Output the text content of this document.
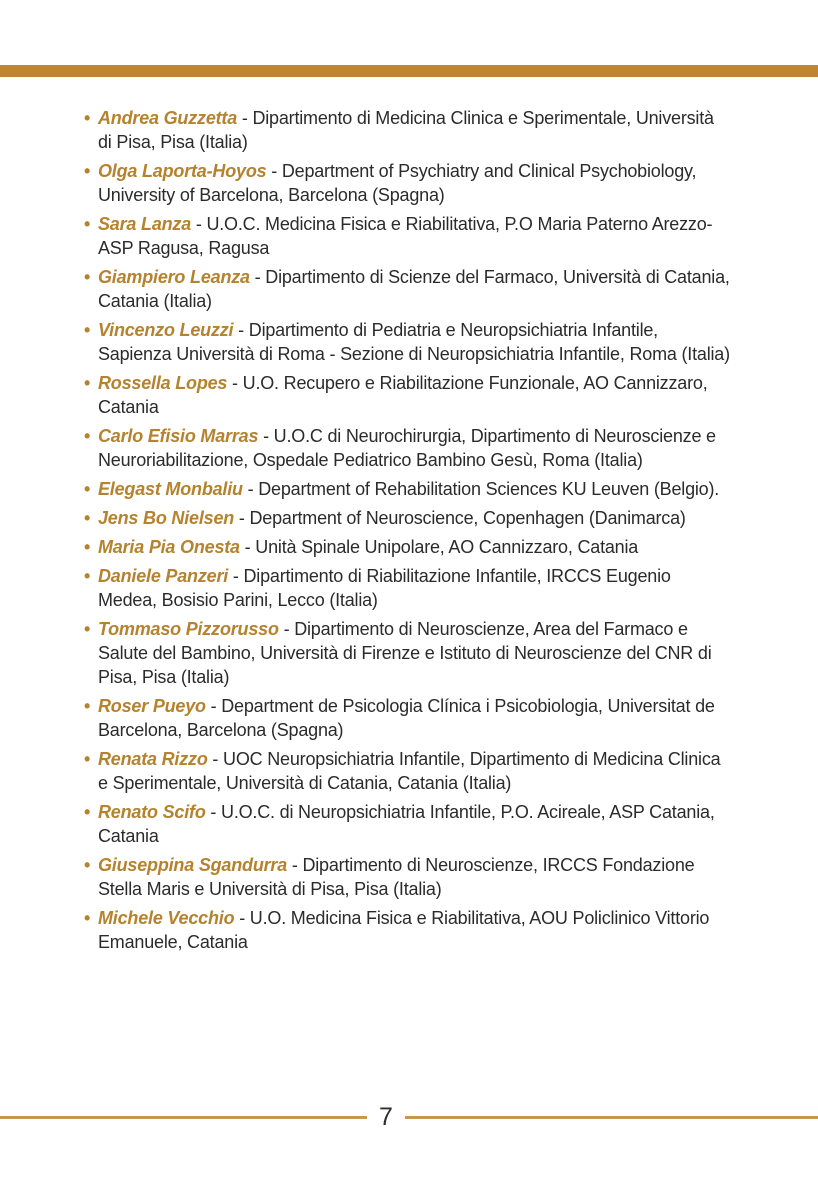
• Andrea Guzzetta - Dipartimento di Medicina Clinica e Sperimentale, Università di Pisa, Pisa (Italia)
• Olga Laporta-Hoyos - Department of Psychiatry and Clinical Psychobiology, University of Barcelona, Barcelona (Spagna)
• Sara Lanza - U.O.C. Medicina Fisica e Riabilitativa, P.O Maria Paterno Arezzo-ASP Ragusa, Ragusa
• Giampiero Leanza - Dipartimento di Scienze del Farmaco, Università di Catania, Catania (Italia)
• Vincenzo Leuzzi - Dipartimento di Pediatria e Neuropsichiatria Infantile, Sapienza Università di Roma - Sezione di Neuropsichiatria Infantile, Roma (Italia)
• Rossella Lopes - U.O. Recupero e Riabilitazione Funzionale, AO Cannizzaro, Catania
• Carlo Efisio Marras - U.O.C di Neurochirurgia, Dipartimento di Neuroscienze e Neuroriabilitazione, Ospedale Pediatrico Bambino Gesù, Roma (Italia)
• Elegast Monbaliu - Department of Rehabilitation Sciences KU Leuven (Belgio).
• Jens Bo Nielsen - Department of Neuroscience, Copenhagen (Danimarca)
• Maria Pia Onesta - Unità Spinale Unipolare, AO Cannizzaro, Catania
• Daniele Panzeri - Dipartimento di Riabilitazione Infantile, IRCCS Eugenio Medea, Bosisio Parini, Lecco (Italia)
• Tommaso Pizzorusso - Dipartimento di Neuroscienze, Area del Farmaco e Salute del Bambino, Università di Firenze e Istituto di Neuroscienze del CNR di Pisa, Pisa (Italia)
• Roser Pueyo - Department de Psicologia Clínica i Psicobiologia, Universitat de Barcelona, Barcelona (Spagna)
• Renata Rizzo - UOC Neuropsichiatria Infantile, Dipartimento di Medicina Clinica e Sperimentale, Università di Catania, Catania (Italia)
• Renato Scifo - U.O.C. di Neuropsichiatria Infantile, P.O. Acireale, ASP Catania, Catania
• Giuseppina Sgandurra - Dipartimento di Neuroscienze, IRCCS Fondazione Stella Maris e Università di Pisa, Pisa (Italia)
• Michele Vecchio - U.O. Medicina Fisica e Riabilitativa, AOU Policlinico Vittorio Emanuele, Catania
7
